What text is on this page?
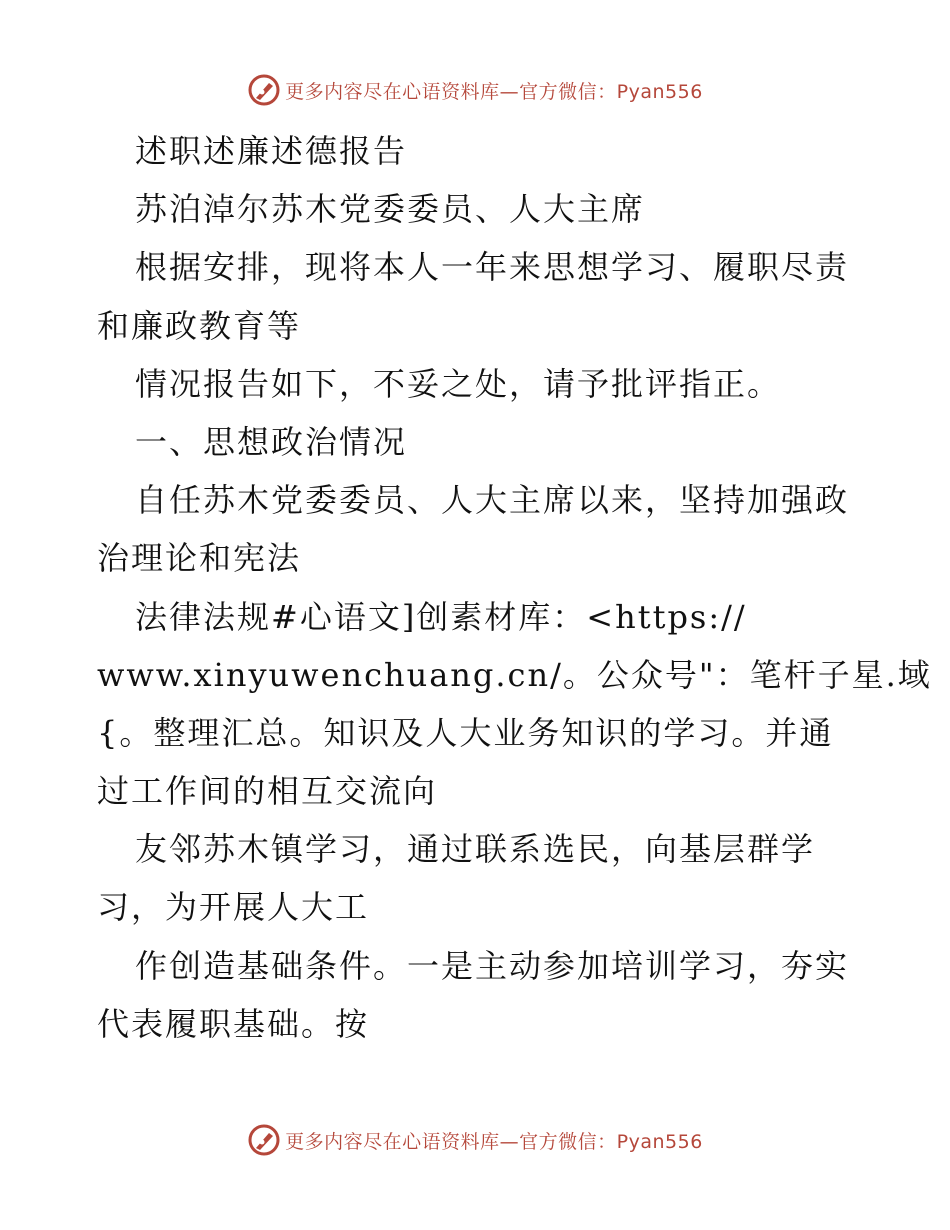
更多内容尽在心语资料库—官方微信：Pyan556
述职述廉述德报告
苏泊淖尔苏木党委委员、人大主席
根据安排，现将本人一年来思想学习、履职尽责
和廉政教育等
情况报告如下，不妥之处，请予批评指正。
一、思想政治情况
自任苏木党委委员、人大主席以来，坚持加强政
治理论和宪法
法律法规#心语文]创素材库：<https://
www.xinyuwenchuang.cn/。公众号"：笔杆子星.域
{。整理汇总。知识及人大业务知识的学习。并通
过工作间的相互交流向
友邻苏木镇学习，通过联系选民，向基层群学
习，为开展人大工
作创造基础条件。一是主动参加培训学习，夯实
代表履职基础。按
更多内容尽在心语资料库—官方微信：Pyan556
